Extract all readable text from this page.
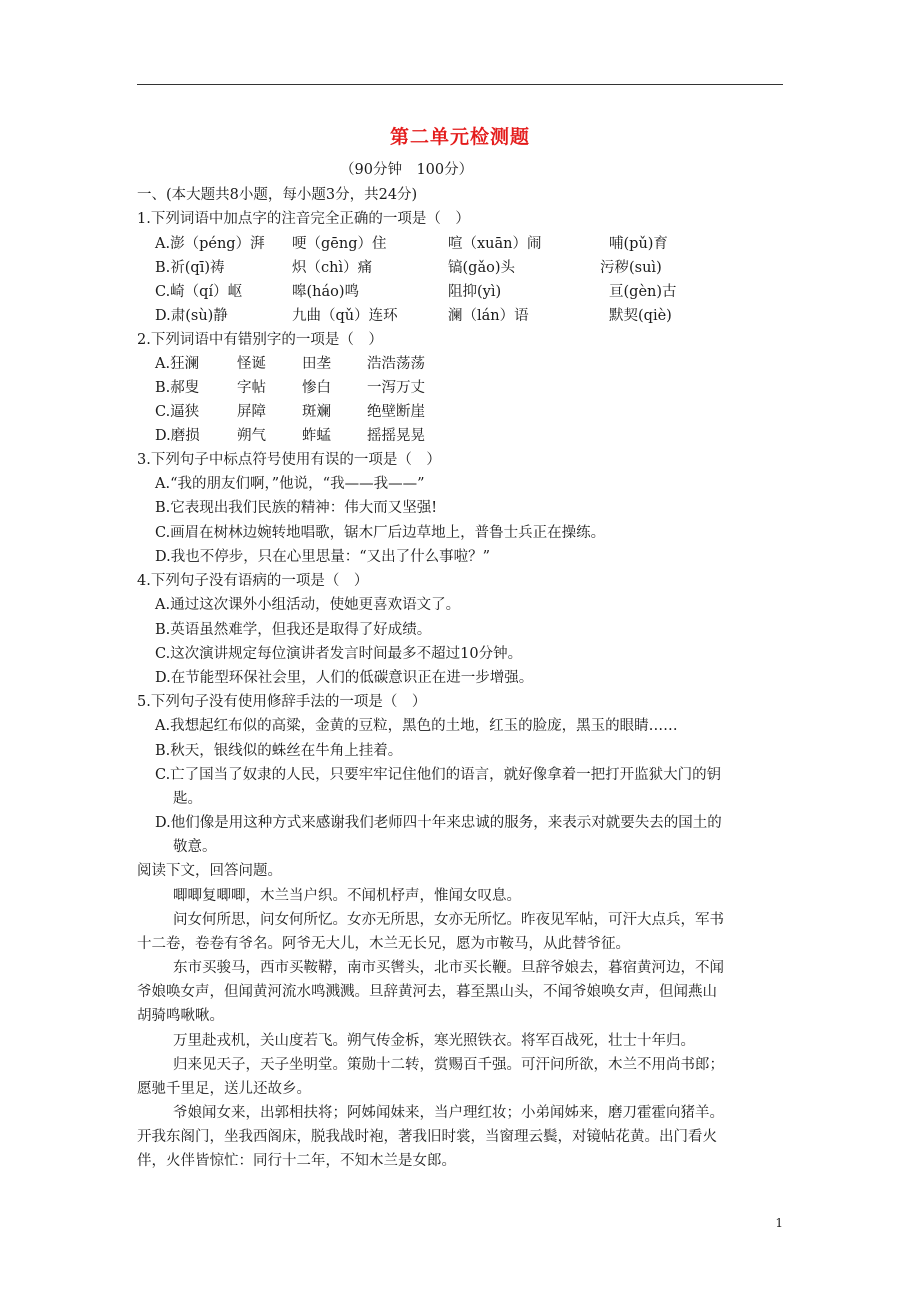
第二单元检测题
（90分钟　100分）
一、(本大题共8小题，每小题3分，共24分)
1.下列词语中加点字的注音完全正确的一项是（　）
A.澎（péng）湃 哽（gēng）住	喧（xuān）闹	哺(pǔ)育
B.祈(qī)祷	炽（chì）痛	镐(gǎo)头	污秽(suì)
C.崎（qí）岖	嗥(háo)鸣	阻抑(yì)	亘(gèn)古
D.肃(sù)静	九曲（qǔ）连环	澜（lán）语	默契(qiè)
2.下列词语中有错别字的一项是（　）
A.狂澜	怪诞 田垄 浩浩荡荡
B.郝叟	字帖 惨白 一泻万丈
C.逼狭	屏障 斑斓 绝壁断崖
D.磨损	朔气 蚱蜢 摇摇晃晃
3.下列句子中标点符号使用有误的一项是（　）
A.“我的朋友们啊，”他说，“我——我——”
B.它表现出我们民族的精神：伟大而又坚强!
C.画眉在树林边婉转地唱歌，锯木厂后边草地上，普鲁士兵正在操练。
D.我也不停步，只在心里思量：“又出了什么事啦？”
4.下列句子没有语病的一项是（　）
A.通过这次课外小组活动，使她更喜欢语文了。
B.英语虽然难学，但我还是取得了好成绩。
C.这次演讲规定每位演讲者发言时间最多不超过10分钟。
D.在节能型环保社会里，人们的低碳意识正在进一步增强。
5.下列句子没有使用修辞手法的一项是（　）
A.我想起红布似的高粱，金黄的豆粒，黑色的土地，红玉的脸庞，黑玉的眼睛……
B.秋天，银线似的蛛丝在牛角上挂着。
C.亡了国当了奴隶的人民，只要牢牢记住他们的语言，就好像拿着一把打开监狱大门的钥
匙。
D.他们像是用这种方式来感谢我们老师四十年来忠诚的服务，来表示对就要失去的国土的
敬意。
阅读下文，回答问题。
唧唧复唧唧，木兰当户织。不闻机杼声，惟闻女叹息。
问女何所思，问女何所忆。女亦无所思，女亦无所忆。昨夜见军帖，可汗大点兵，军书
十二卷，卷卷有爷名。阿爷无大儿，木兰无长兄，愿为市鞍马，从此替爷征。
东市买骏马，西市买鞍鞯，南市买辔头，北市买长鞭。旦辞爷娘去，暮宿黄河边，不闻
爷娘唤女声，但闻黄河流水鸣溅溅。旦辞黄河去，暮至黑山头，不闻爷娘唤女声，但闻燕山
胡骑鸣啾啾。
万里赴戎机，关山度若飞。朔气传金柝，寒光照铁衣。将军百战死，壮士十年归。
归来见天子，天子坐明堂。策勋十二转，赏赐百千强。可汗问所欲，木兰不用尚书郎；
愿驰千里足，送儿还故乡。
爷娘闻女来，出郭相扶将；阿姊闻妹来，当户理红妆；小弟闻姊来，磨刀霍霍向猪羊。
开我东阁门，坐我西阁床，脱我战时袍，著我旧时裳，当窗理云鬓，对镜帖花黄。出门看火
伴，火伴皆惊忙：同行十二年，不知木兰是女郎。
1
